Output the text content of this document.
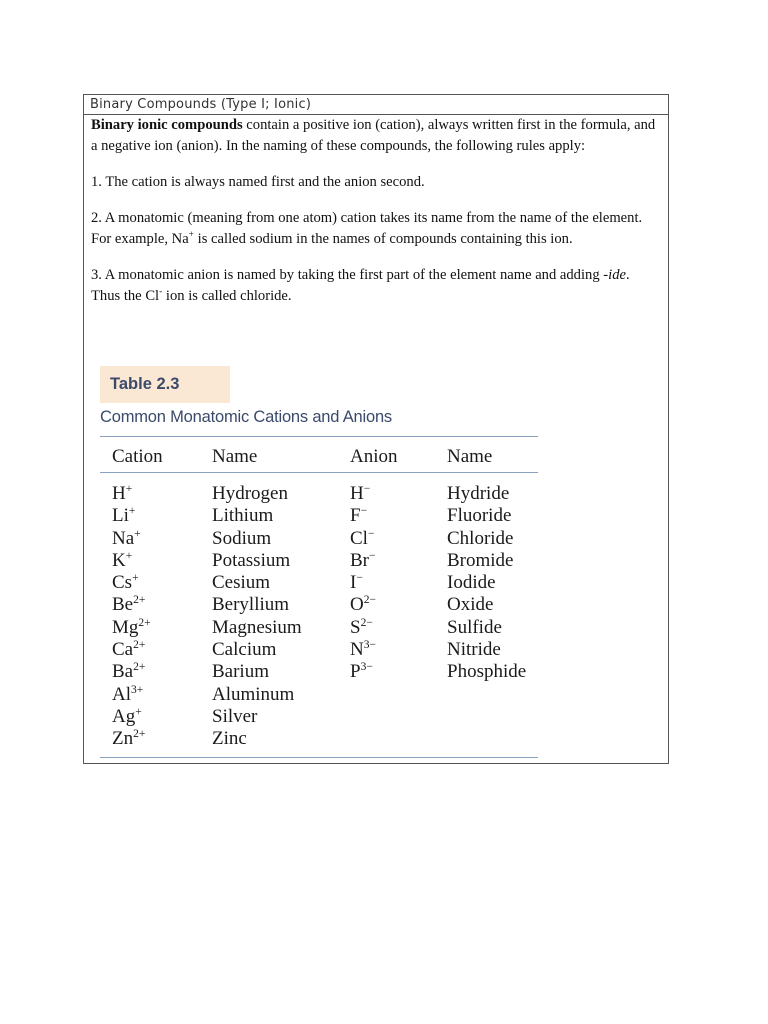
Binary Compounds (Type I; Ionic)

Binary ionic compounds contain a positive ion (cation), always written first in the formula, and a negative ion (anion). In the naming of these compounds, the following rules apply:

1. The cation is always named first and the anion second.

2. A monatomic (meaning from one atom) cation takes its name from the name of the element. For example, Na+ is called sodium in the names of compounds containing this ion.

3. A monatomic anion is named by taking the first part of the element name and adding -ide. Thus the Cl- ion is called chloride.

Table 2.3
Common Monatomic Cations and Anions
Cation	Name	Anion	Name
H+	Hydrogen	H−	Hydride
Li+	Lithium	F−	Fluoride
Na+	Sodium	Cl−	Chloride
K+	Potassium	Br−	Bromide
Cs+	Cesium	I−	Iodide
$Be^{2+}$	Beryllium	$O^{2-}$	Oxide
$Mg^{2+}$	Magnesium	$S^{2-}$	Sulfide
$Ca^{2+}$	Calcium	$N^{3-}$	Nitride
$Ba^{2+}$	Barium	$P^{3-}$	Phosphide
$Al^{3+}$	Aluminum
Ag+	Silver
$Zn^{2+}$	Zinc
